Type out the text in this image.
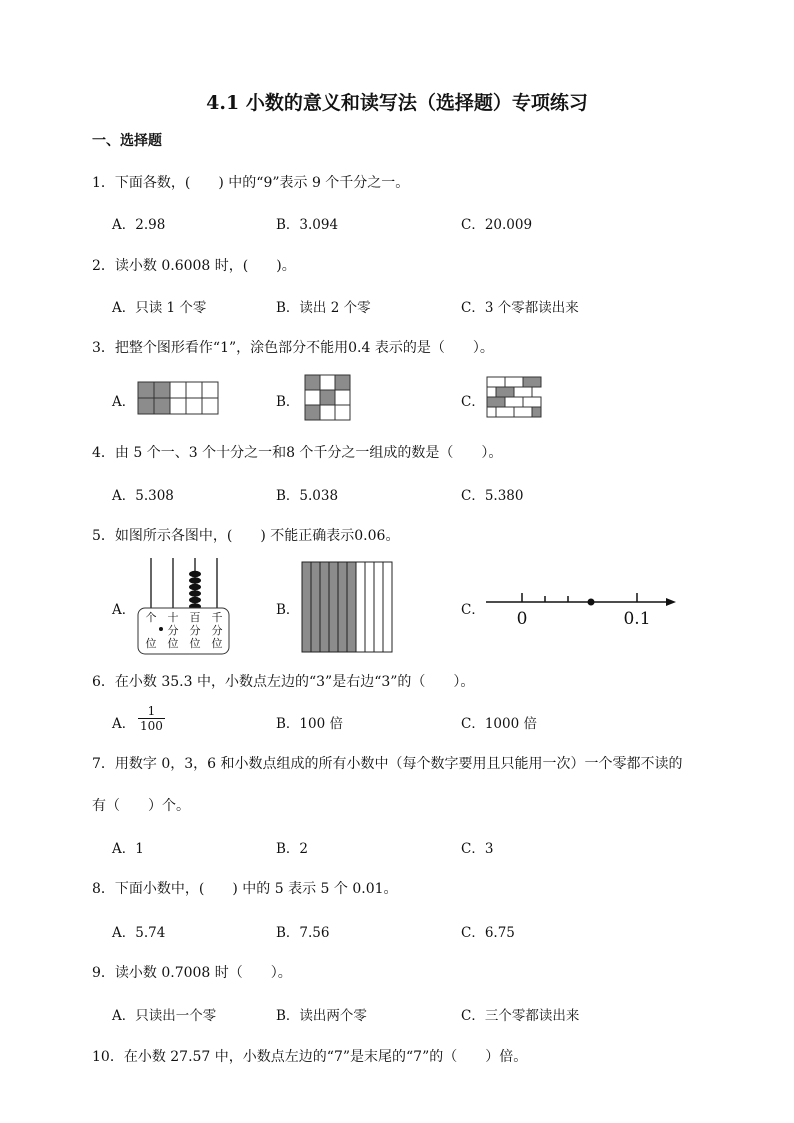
4.1 小数的意义和读写法（选择题）专项练习
一、选择题
1．下面各数，(　　) 中的“9”表示 9 个千分之一。
A．2.98	B．3.094	C．20.009
2．读小数 0.6008 时，(　　)。
A．只读 1 个零	B．读出 2 个零	C．3 个零都读出来
3．把整个图形看作“1”，涂色部分不能用0.4 表示的是（　　）。
A．	B．	C．
4．由 5 个一、3 个十分之一和8 个千分之一组成的数是（　　）。
A．5.308	B．5.038	C．5.380
5．如图所示各图中，(　　) 不能正确表示0.06。
A．	B．	C．
个
位
十
分
位
百
分
位
千
分
位
0	0.1
6．在小数 35.3 中，小数点左边的“3”是右边“3”的（　　）。
A． $\frac{1}{100}$	B．100 倍	C．1000 倍
7．用数字 0，3，6 和小数点组成的所有小数中（每个数字要用且只能用一次）一个零都不读的
有（　　）个。
A．1	B．2	C．3
8．下面小数中，(　　) 中的 5 表示 5 个 0.01。
A．5.74	B．7.56	C．6.75
9．读小数 0.7008 时（　　）。
A．只读出一个零	B．读出两个零	C．三个零都读出来
10．在小数 27.57 中，小数点左边的“7”是末尾的“7”的（　　）倍。
